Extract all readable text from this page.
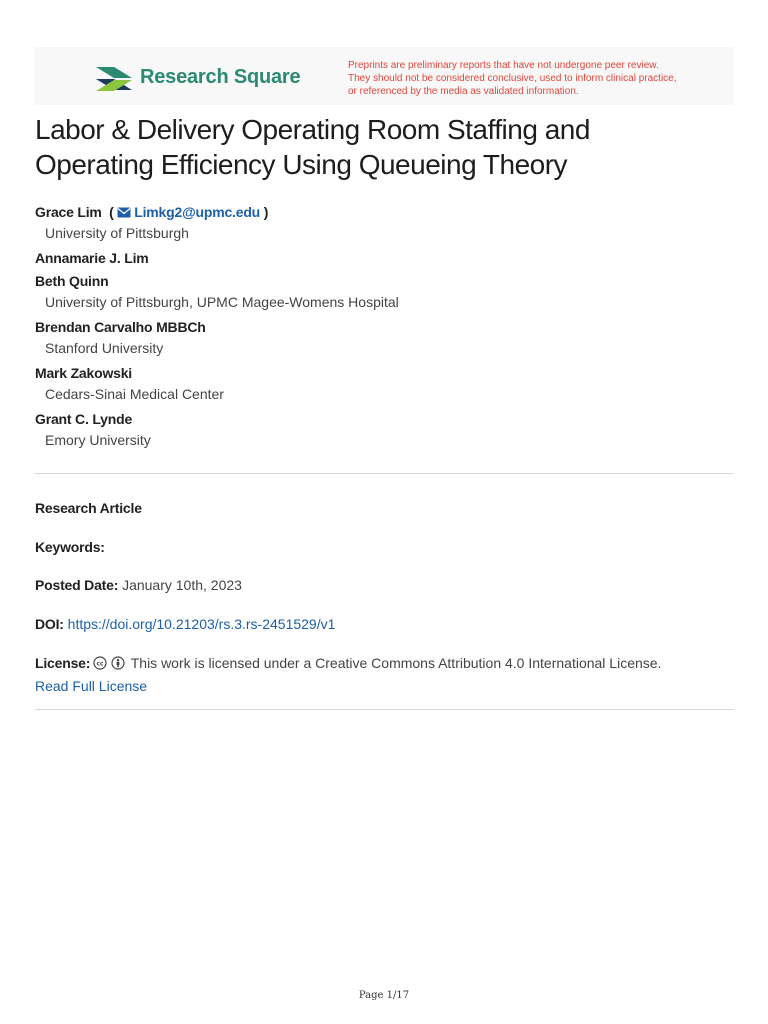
Research Square
Preprints are preliminary reports that have not undergone peer review.
They should not be considered conclusive, used to inform clinical practice,
or referenced by the media as validated information.
Labor & Delivery Operating Room Staffing and
Operating Efficiency Using Queueing Theory
Grace Lim  ( Limkg2@upmc.edu )
University of Pittsburgh
Annamarie J. Lim
Beth Quinn
University of Pittsburgh, UPMC Magee-Womens Hospital
Brendan Carvalho MBBCh
Stanford University
Mark Zakowski
Cedars-Sinai Medical Center
Grant C. Lynde
Emory University
Research Article
Keywords:
Posted Date: January 10th, 2023
DOI: https://doi.org/10.21203/rs.3.rs-2451529/v1
License: cc This work is licensed under a Creative Commons Attribution 4.0 International License.
Read Full License
Page 1/17
